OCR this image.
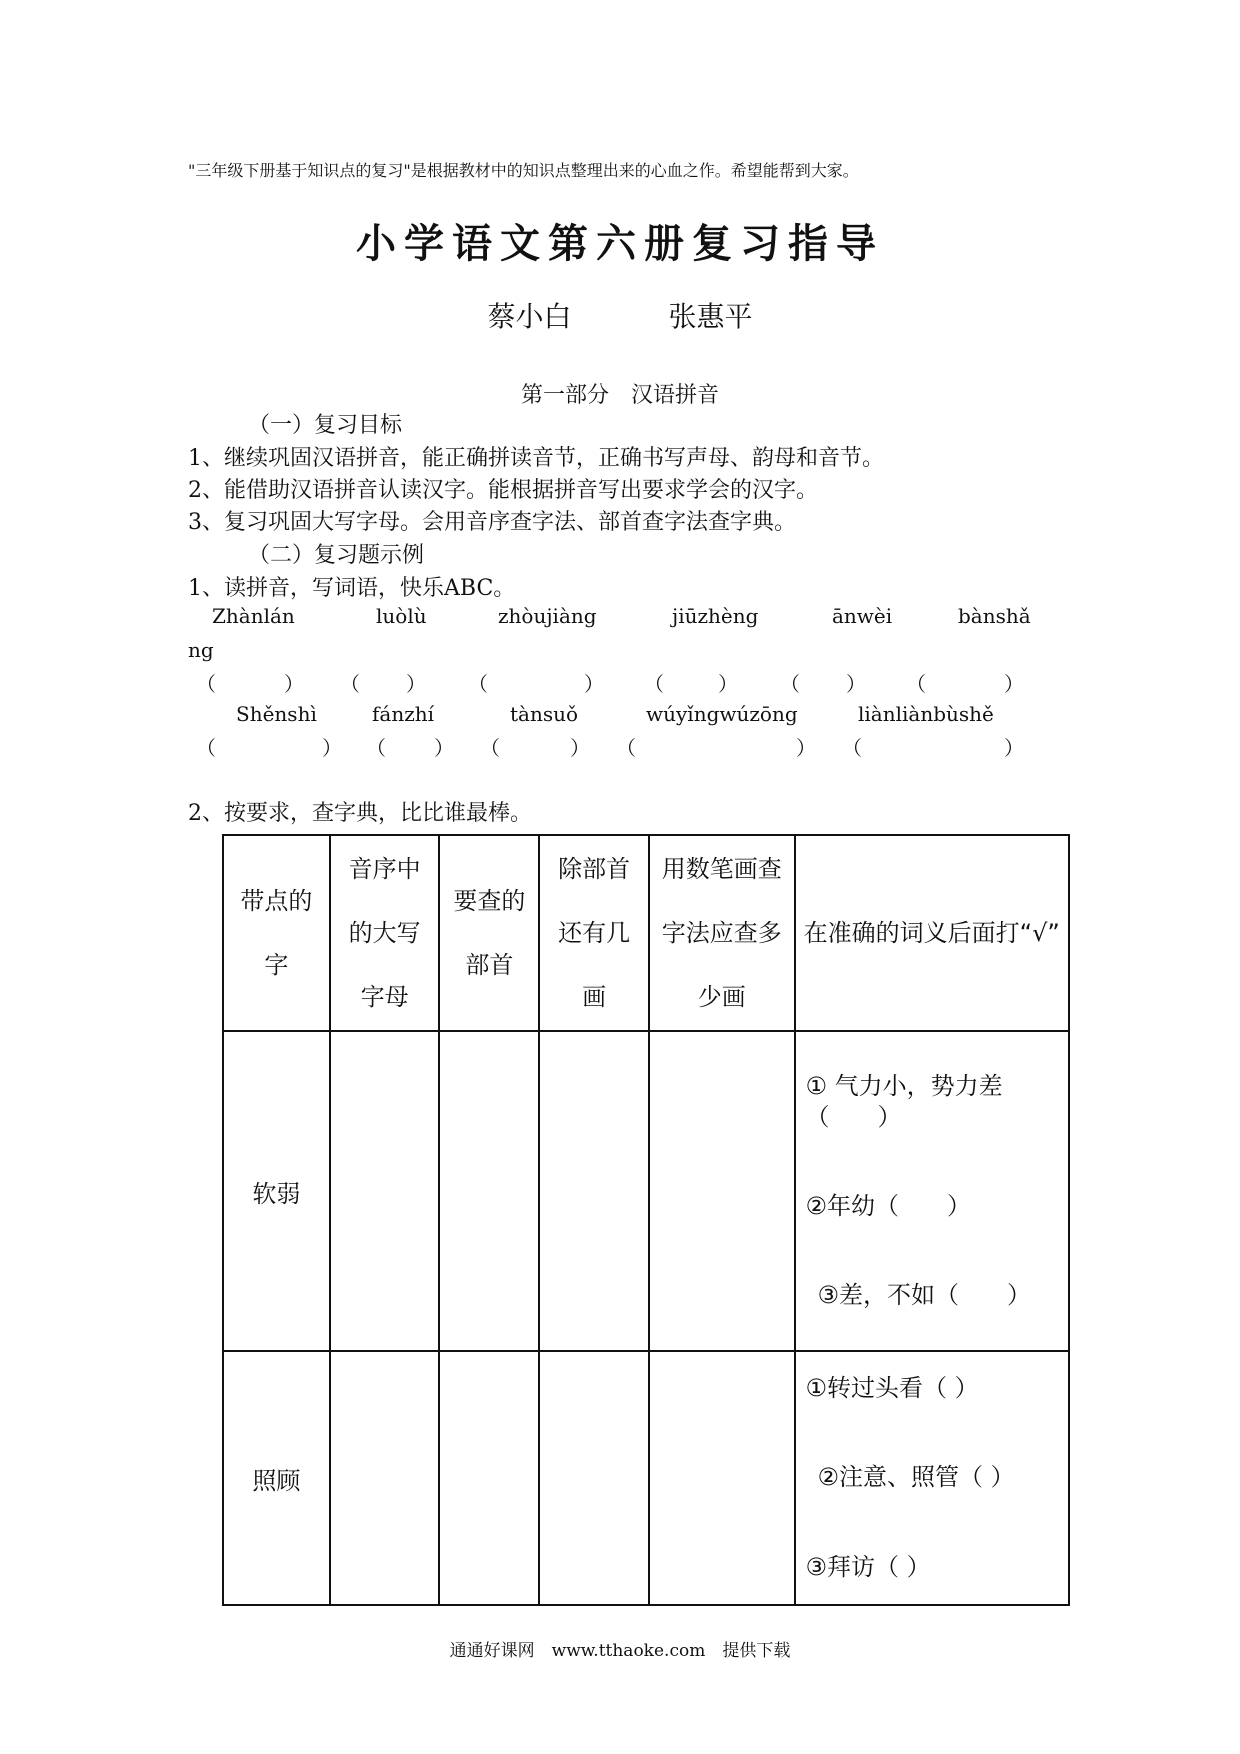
"三年级下册基于知识点的复习"是根据教材中的知识点整理出来的心血之作。希望能帮到大家。
小学语文第六册复习指导
蔡小白	张惠平
第一部分　汉语拼音
（一）复习目标
1、继续巩固汉语拼音，能正确拼读音节，正确书写声母、韵母和音节。
2、能借助汉语拼音认读汉字。能根据拼音写出要求学会的汉字。
3、复习巩固大写字母。会用音序查字法、部首查字法查字典。
（二）复习题示例
1、读拼音，写词语，快乐ABC。
Zhànlán	luòlù	zhòujiàng	jiūzhèng	ānwèi	bànshǎ
ng
（	） （ ） （	） （	） （ ） （	）
Shěnshì	fánzhí	tànsuǒ	wúyǐngwúzōng	liànliànbùshě
（	） （ ） （	） （	） （	）
2、按要求，查字典，比比谁最棒。
带点的字	音序中的大写字母	要查的部首	除部首还有几画	用数笔画查字法应查多少画	在准确的词义后面打“√”
软弱					① 气力小，势力差（　　）
②年幼（　　）
③差，不如（　　）

照顾					①转过头看（ ）
②注意、照管（ ）
③拜访（ ）
通通好课网　www.tthaoke.com　提供下载
